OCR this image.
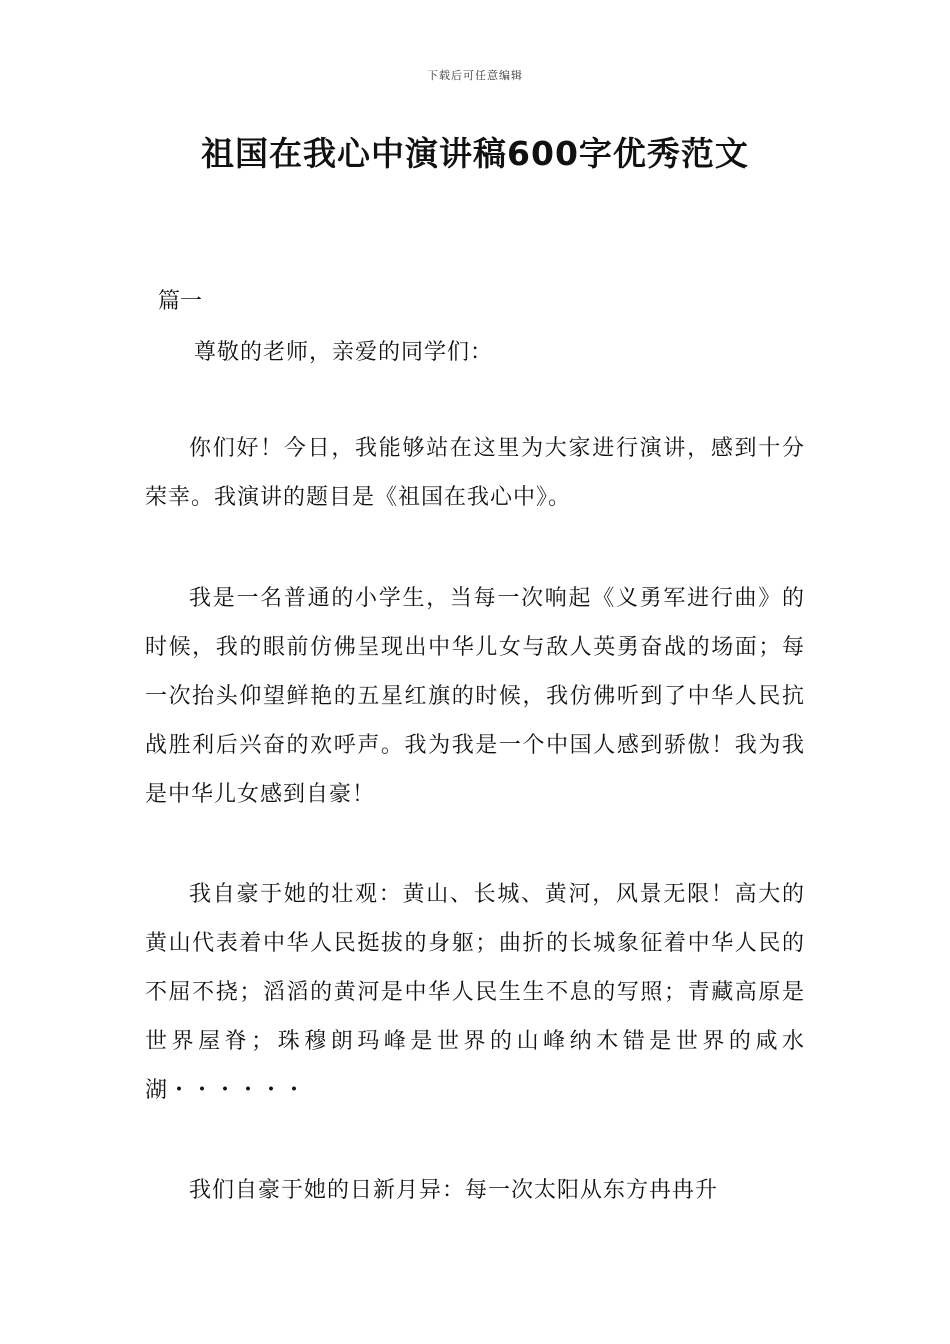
下载后可任意编辑
祖国在我心中演讲稿600字优秀范文
篇一

尊敬的老师，亲爱的同学们：

你们好！今日，我能够站在这里为大家进行演讲，感到十分荣幸。我演讲的题目是《祖国在我心中》。

我是一名普通的小学生，当每一次响起《义勇军进行曲》的时候，我的眼前仿佛呈现出中华儿女与敌人英勇奋战的场面；每一次抬头仰望鲜艳的五星红旗的时候，我仿佛听到了中华人民抗战胜利后兴奋的欢呼声。我为我是一个中国人感到骄傲！我为我是中华儿女感到自豪！

我自豪于她的壮观：黄山、长城、黄河，风景无限！高大的黄山代表着中华人民挺拔的身躯；曲折的长城象征着中华人民的不屈不挠；滔滔的黄河是中华人民生生不息的写照；青藏高原是世界屋脊；珠穆朗玛峰是世界的山峰纳木错是世界的咸水湖・・・・・・

我们自豪于她的日新月异：每一次太阳从东方冉冉升
